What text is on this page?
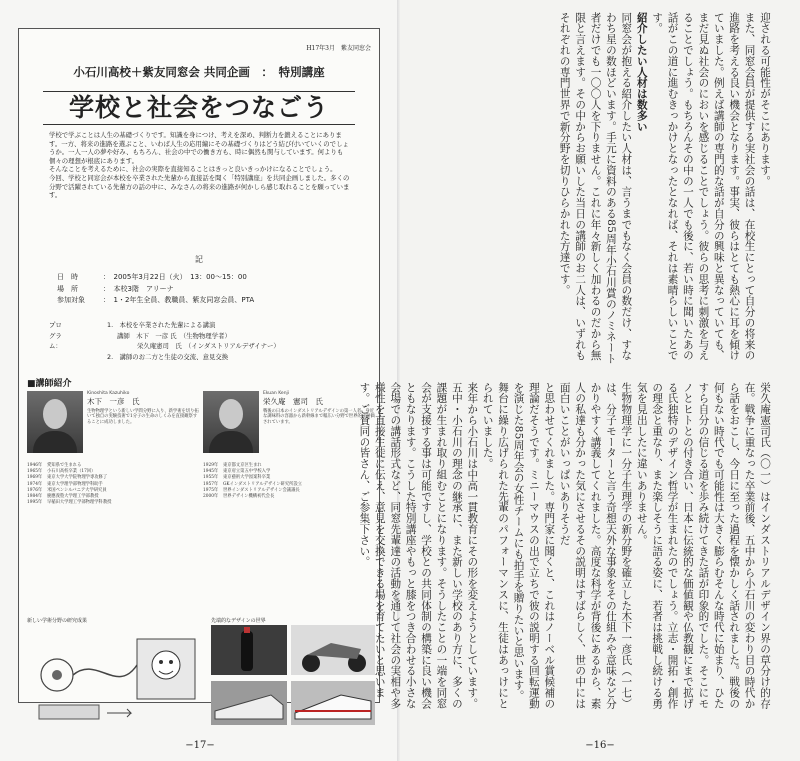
H17年3月　紫友同窓会
小石川高校＋紫友同窓会 共同企画　：　特別講座
学校と社会をつなごう

学校で学ぶことは人生の基礎づくりです。知識を身につけ、考えを深め、判断力を鍛えることにあります。一方、将来の進路を選ぶこと、いわば人生の応用編にその基礎づくりはどう結び付いていくのでしょうか。一人一人の夢や好み、もちろん、社会の中での働き方も、時に偶然も関与しています。何よりも個々の理想が根底にあります。

そんなことを考えるために、社会の実際を直接知ることはきっと良いきっかけになることでしょう。

今回、学校と同窓会が本校を卒業された先輩から直接話を聞く「特別講座」を共同企画しました。多くの分野で活躍されている先輩方の話の中に、みなさんの将来の進路が何かしら感じ取れることを願っています。

記
日　時	：　2005年3月22日（火）　13：00～15：00
場　所	：　本校3階　アリーナ
参加対象	：　1・2年生全員、教職員、紫友同窓会員、PTA
プログラム：
1.　本校を卒業された先輩による講演
講師　木下　一彦 氏　（生物物理学者）
栄久庵憲司　氏　（インダストリアルデザイナー）
2.　講師のお二方と生徒の交流、意見交換
■講師紹介
Kinoshita Kazuhiko
木下　一彦　氏
生物物理学という新しい学問分野に入り、新学術を切り拓いて独自の実験技術で1分子の生命のしくみを直接観察することに成功しました。
1946年 愛知県で生まれる
1965年 小石川高校卒業（17回）
1969年 東京大学大学院物理学専攻修了
1974年 東京大学理学部物理学科助手
1976年 米国ペンシルバニア大学研究員
1984年 慶應義塾大学理工学部教授
1995年 早稲田大学理工学部物理学科教授
Ekuan Kenji
栄久庵　憲司　氏
戦後の日本のインダストリアルデザインの第一人者。身近な調味料の容器から新幹線まで幅広い分野で世界的に評価されています。
1929年 東京都文京区生まれ
1945年 東京府立第五中学校入学
1955年 東京藝術大学図案科卒業
1957年 GKインダストリアルデザイン研究所設立
1975年 世界インダストリアルデザイン会議議長
2000年 世界デザイン機構初代会長
新しい学術分野の研究成果	先端的なデザインの世界
−17−

迎される可能性がそこにあります。

また、同窓会員が提供する実社会の話は、在校生にとって自分の将来の進路を考える良い機会となります。事実、彼らはとても熱心に耳を傾けていました。例えば講師の専門的な話が自分の興味と異なっていても、まだ見ぬ社会のにおいを感じることでしょう。彼らの思考に刺激を与えることでしょう。もちろんその中の一人でも後に、若い時に聞いたあの話がこの道に進むきっかけとなったとなれば、それは素晴らしいことです。

紹介したい人材は数多い

同窓会が抱える紹介したい人材は、言うまでもなく会員の数だけ、すなわち星の数ほどいます。手元に資料のある85周年小石川賞のノミネート者だけでも一〇〇人を下りません。これに年々新しく加わるのだから無限と言えます。その中からお願いした当日の講師のお二人は、いずれもそれぞれの専門世界で新分野を切りひらかれた方達です。

栄久庵憲司氏（〇一）はインダストリアルデザイン界の草分け的存在。戦争に重なった卒業前後、五中から小石川の変わり目の時代から話をおこし、今日に至った過程を懐かしく話されました。戦後の何もない時代でも可能性は大きく膨らむそんな時代に始まり、ひたすら自分の信じる道を歩み続けてきた話が印象的でした。そこにモノとヒトとの付き合い、日本に伝統的な価値観や仏教観にまで拡げる氏独特のデザイン哲学が生まれたのでしょう。立志・開拓・創作の理念と重なり、また楽しそうに語る姿に、若者は挑戦し続ける勇気を見出したに違いありません。

生物物理学に一分子生理学の新分野を確立した木下一彦氏（一七）は、分子モーターと言う奇想天外な事象をその仕組みや意味など分かりやすく講義してくれました。高度な科学が背後にあるから、素人の私達も分かった気にさせるその説明はすばらしく、世の中には面白いことがいっぱいありそうだ

と思わせてくれました。専門家に聞くと、これはノーベル賞候補の理論だそうです。ミニーマウスの出で立ちで彼の説明する回転運動を演じた85周年会の女性チームにも拍手を贈りたいと思います。舞台に繰り広げられた先輩のパフォーマンスに、生徒はあっけにとられていました。

来年から小石川は中高一貫教育にその形を変えようとしています。五中・小石川の理念の継承に、また新しい学校のあり方に、多くの課題が生まれ取り組むことになります。そうしたことの一端を同窓会が支援する事は可能ですし、学校との共同体制の構築に良い機会ともなります。こうした特別講座やもっと膝をつき合わせる小さな会場での講話形式など、同窓先輩達の活動を通して社会の実相や多様性を直接生徒に伝え、意見を交換できる場を育てたいと思います。ご賛同の皆さん、ご参集下さい。

−16−
